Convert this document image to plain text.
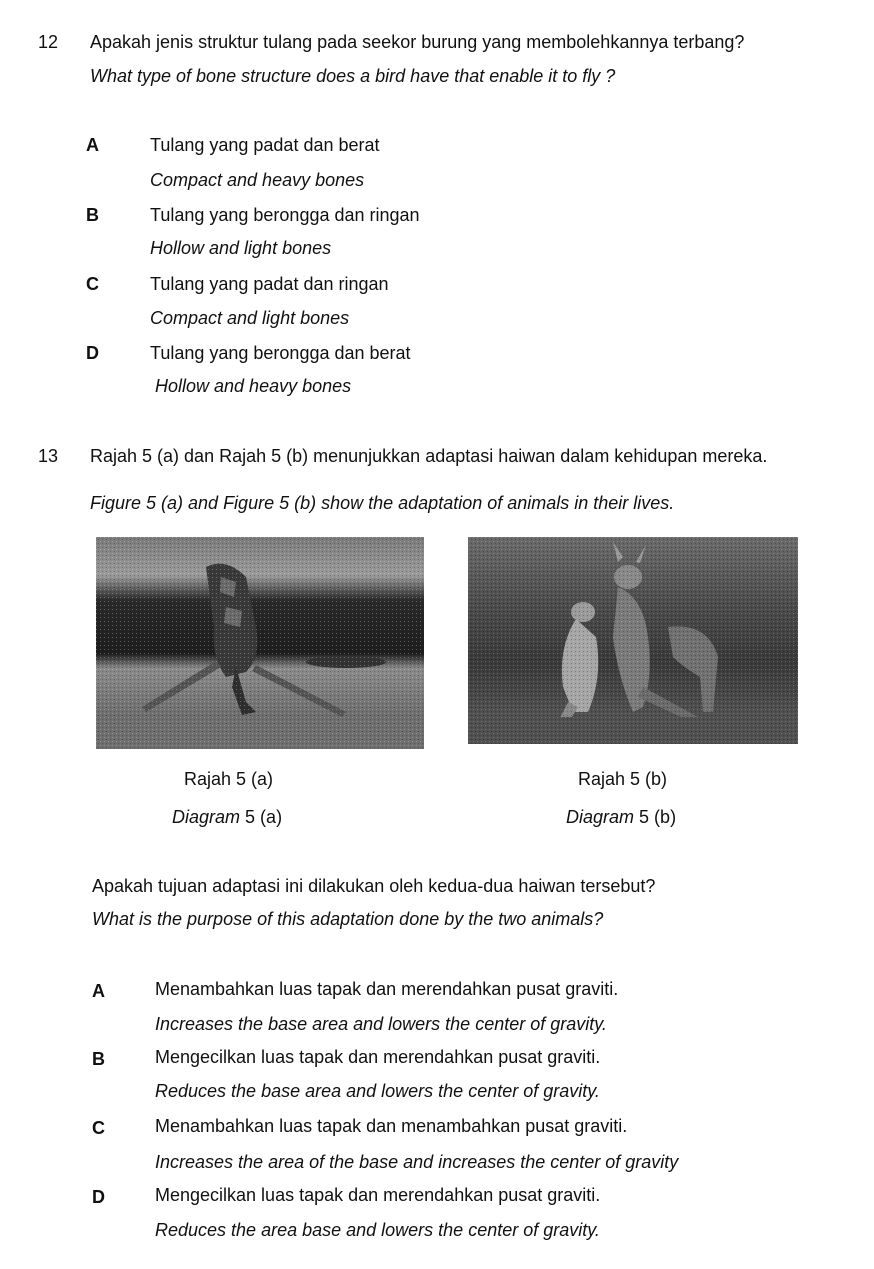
12 Apakah jenis struktur tulang pada seekor burung yang membolehkannya terbang?
What type of bone structure does a bird have that enable it to fly ?
A	Tulang yang padat dan berat
Compact and heavy bones
B	Tulang yang berongga dan ringan
Hollow and light bones
C	Tulang yang padat dan ringan
Compact and light bones
D	Tulang yang berongga dan berat
Hollow and heavy bones
13 Rajah 5 (a) dan Rajah 5 (b) menunjukkan adaptasi haiwan dalam kehidupan mereka.
Figure 5 (a) and Figure 5 (b) show the adaptation of animals in their lives.
Rajah 5 (a)
Diagram 5 (a)
Rajah 5 (b)
Diagram 5 (b)
Apakah tujuan adaptasi ini dilakukan oleh kedua-dua haiwan tersebut?
What is the purpose of this adaptation done by the two animals?
A	Menambahkan luas tapak dan merendahkan pusat graviti.
Increases the base area and lowers the center of gravity.
B	Mengecilkan luas tapak dan merendahkan pusat graviti.
Reduces the base area and lowers the center of gravity.
C	Menambahkan luas tapak dan menambahkan pusat graviti.
Increases the area of the base and increases the center of gravity
D	Mengecilkan luas tapak dan merendahkan pusat graviti.
Reduces the area base and lowers the center of gravity.
